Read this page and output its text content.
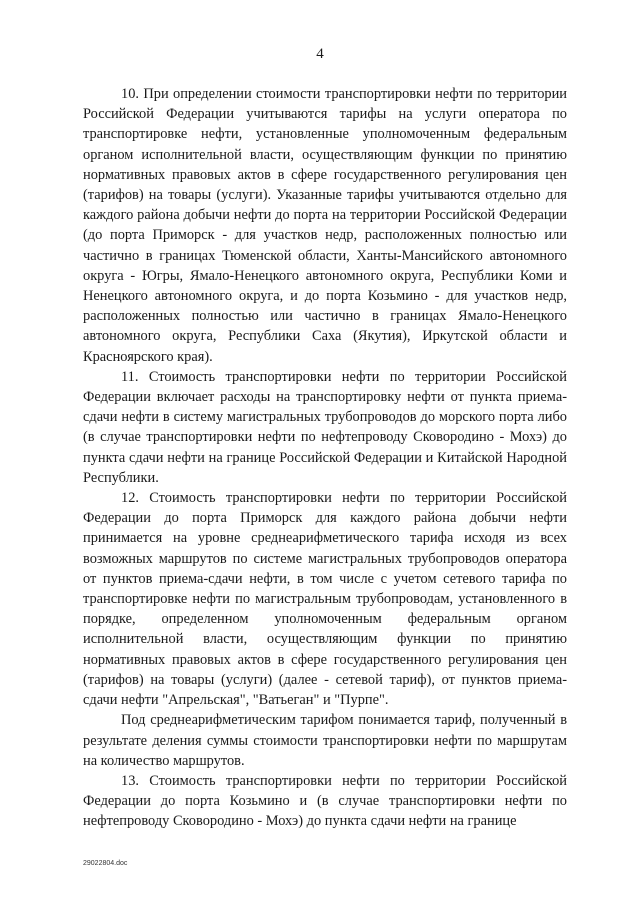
4

10. При определении стоимости транспортировки нефти по территории Российской Федерации учитываются тарифы на услуги оператора по транспортировке нефти, установленные уполномоченным федеральным органом исполнительной власти, осуществляющим функции по принятию нормативных правовых актов в сфере государственного регулирования цен (тарифов) на товары (услуги). Указанные тарифы учитываются отдельно для каждого района добычи нефти до порта на территории Российской Федерации (до порта Приморск - для участков недр, расположенных полностью или частично в границах Тюменской области, Ханты-Мансийского автономного округа - Югры, Ямало-Ненецкого автономного округа, Республики Коми и Ненецкого автономного округа, и до порта Козьмино - для участков недр, расположенных полностью или частично в границах Ямало-Ненецкого автономного округа, Республики Саха (Якутия), Иркутской области и Красноярского края).

11. Стоимость транспортировки нефти по территории Российской Федерации включает расходы на транспортировку нефти от пункта приема-сдачи нефти в систему магистральных трубопроводов до морского порта либо (в случае транспортировки нефти по нефтепроводу Сковородино - Мохэ) до пункта сдачи нефти на границе Российской Федерации и Китайской Народной Республики.

12. Стоимость транспортировки нефти по территории Российской Федерации до порта Приморск для каждого района добычи нефти принимается на уровне среднеарифметического тарифа исходя из всех возможных маршрутов по системе магистральных трубопроводов оператора от пунктов приема-сдачи нефти, в том числе с учетом сетевого тарифа по транспортировке нефти по магистральным трубопроводам, установленного в порядке, определенном уполномоченным федеральным органом исполнительной власти, осуществляющим функции по принятию нормативных правовых актов в сфере государственного регулирования цен (тарифов) на товары (услуги) (далее - сетевой тариф), от пунктов приема-сдачи нефти "Апрельская", "Ватьеган" и "Пурпе".

Под среднеарифметическим тарифом понимается тариф, полученный в результате деления суммы стоимости транспортировки нефти по маршрутам на количество маршрутов.

13. Стоимость транспортировки нефти по территории Российской Федерации до порта Козьмино и (в случае транспортировки нефти по нефтепроводу Сковородино - Мохэ) до пункта сдачи нефти на границе

29022804.doc
